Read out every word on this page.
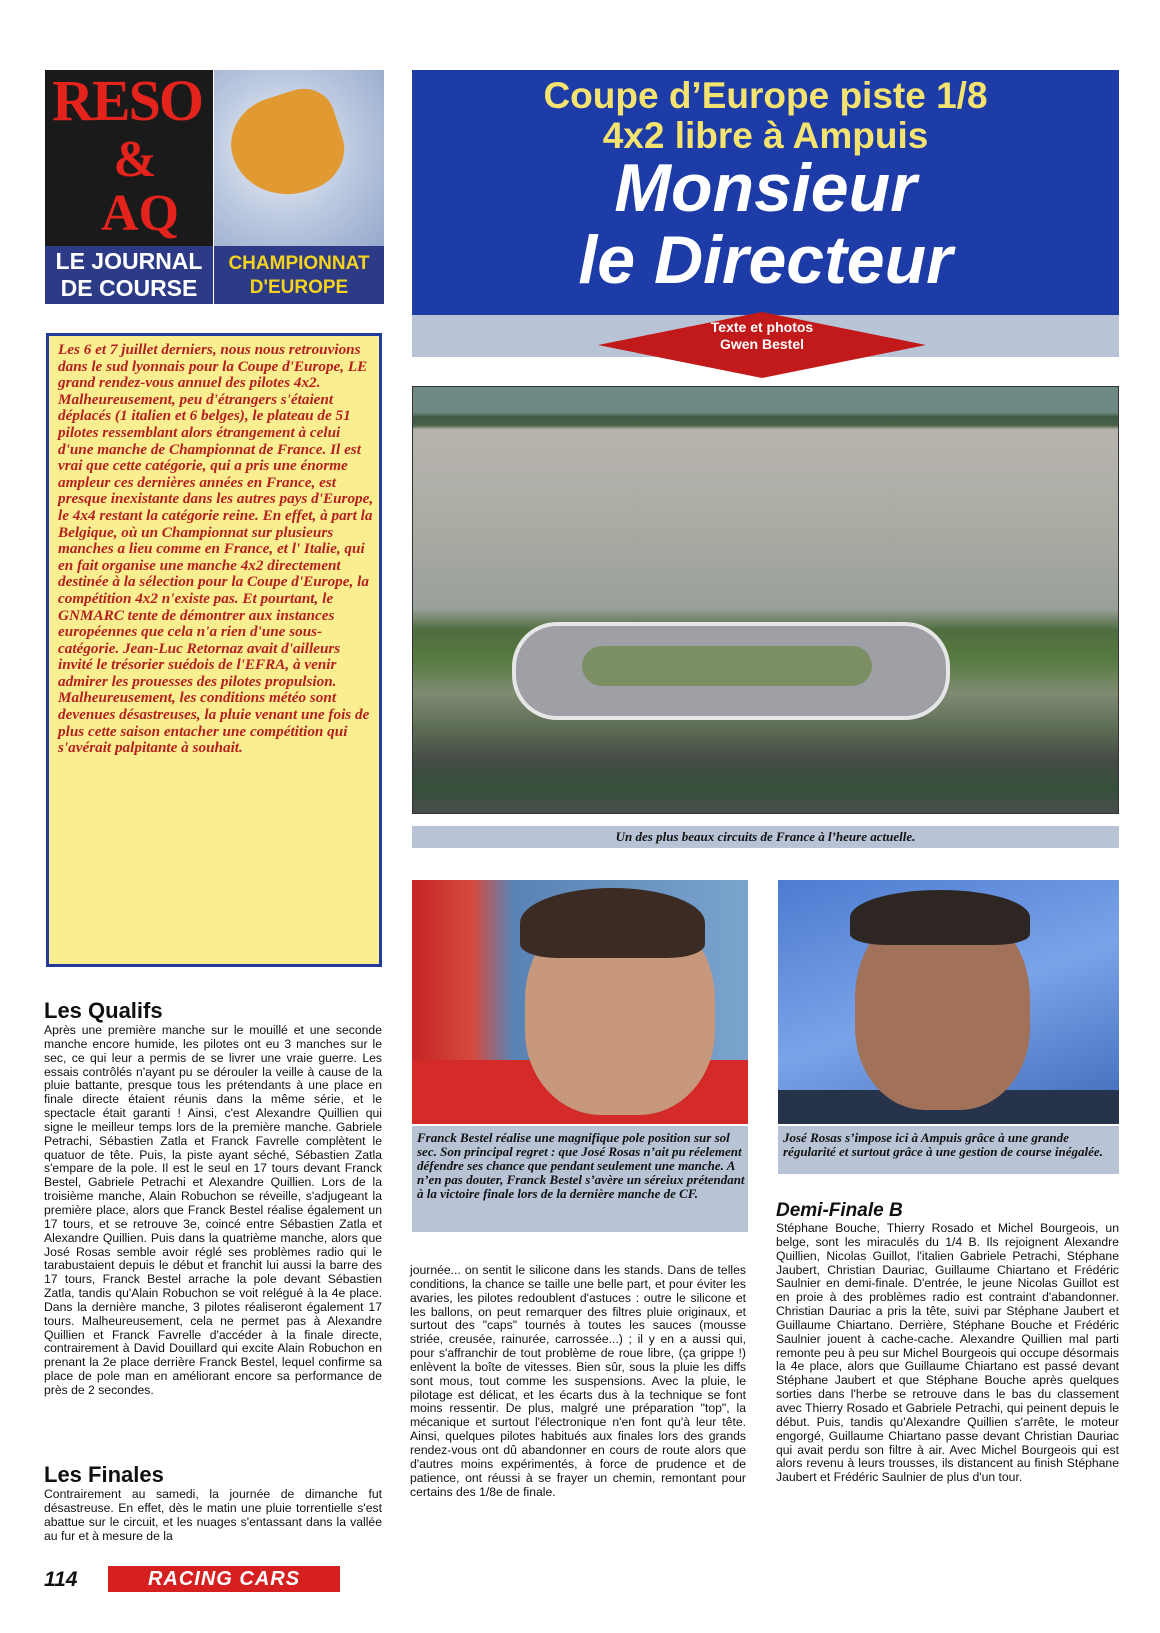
RESO
&
AQ
LE JOURNAL
DE COURSE
CHAMPIONNAT
D'EUROPE
Coupe d’Europe piste 1/8
4x2 libre à Ampuis
Monsieur
le Directeur
Texte et photos
Gwen Bestel
Les 6 et 7 juillet derniers, nous nous retrouvions dans le sud lyonnais pour la Coupe d'Europe, LE grand rendez-vous annuel des pilotes 4x2. Malheureusement, peu d'étrangers s'étaient déplacés (1 italien et 6 belges), le plateau de 51 pilotes ressemblant alors étrangement à celui d'une manche de Championnat de France. Il est vrai que cette catégorie, qui a pris une énorme ampleur ces dernières années en France, est presque inexistante dans les autres pays d'Europe, le 4x4 restant la catégorie reine. En effet, à part la Belgique, où un Championnat sur plusieurs manches a lieu comme en France, et l' Italie, qui en fait organise une manche 4x2 directement destinée à la sélection pour la Coupe d'Europe, la compétition 4x2 n'existe pas. Et pourtant, le GNMARC tente de démontrer aux instances européennes que cela n'a rien d'une sous-catégorie. Jean-Luc Retornaz avait d'ailleurs invité le trésorier suédois de l'EFRA, à venir admirer les prouesses des pilotes propulsion. Malheureusement, les conditions météo sont devenues désastreuses, la pluie venant une fois de plus cette saison entacher une compétition qui s'avérait palpitante à souhait.
Un des plus beaux circuits de France à l’heure actuelle.
Franck Bestel réalise une magnifique pole position sur sol sec. Son principal regret : que José Rosas n’ait pu réelement défendre ses chance que pendant seulement une manche. A n’en pas douter, Franck Bestel s’avère un séreiux prétendant à la victoire finale lors de la dernière manche de CF.
José Rosas s’impose ici à Ampuis grâce à une grande régularité et surtout grâce à une gestion de course inégalée.
Les Qualifs
Après une première manche sur le mouillé et une seconde manche encore humide, les pilotes ont eu 3 manches sur le sec, ce qui leur a permis de se livrer une vraie guerre. Les essais contrôlés n'ayant pu se dérouler la veille à cause de la pluie battante, presque tous les prétendants à une place en finale directe étaient réunis dans la même série, et le spectacle était garanti ! Ainsi, c'est Alexandre Quillien qui signe le meilleur temps lors de la première manche. Gabriele Petrachi, Sébastien Zatla et Franck Favrelle complètent le quatuor de tête. Puis, la piste ayant séché, Sébastien Zatla s'empare de la pole. Il est le seul en 17 tours devant Franck Bestel, Gabriele Petrachi et Alexandre Quillien. Lors de la troisième manche, Alain Robuchon se réveille, s'adjugeant la première place, alors que Franck Bestel réalise également un 17 tours, et se retrouve 3e, coincé entre Sébastien Zatla et Alexandre Quillien. Puis dans la quatrième manche, alors que José Rosas semble avoir réglé ses problèmes radio qui le tarabustaient depuis le début et franchit lui aussi la barre des 17 tours, Franck Bestel arrache la pole devant Sébastien Zatla, tandis qu'Alain Robuchon se voit relégué à la 4e place. Dans la dernière manche, 3 pilotes réaliseront également 17 tours. Malheureusement, cela ne permet pas à Alexandre Quillien et Franck Favrelle d'accéder à la finale directe, contrairement à David Douillard qui excite Alain Robuchon en prenant la 2e place derrière Franck Bestel, lequel confirme sa place de pole man en améliorant encore sa performance de près de 2 secondes.
Les Finales
Contrairement au samedi, la journée de dimanche fut désastreuse. En effet, dès le matin une pluie torrentielle s'est abattue sur le circuit, et les nuages s'entassant dans la vallée au fur et à mesure de la
journée... on sentit le silicone dans les stands. Dans de telles conditions, la chance se taille une belle part, et pour éviter les avaries, les pilotes redoublent d'astuces : outre le silicone et les ballons, on peut remarquer des filtres pluie originaux, et surtout des "caps" tournés à toutes les sauces (mousse striée, creusée, rainurée, carrossée...) ; il y en a aussi qui, pour s'affranchir de tout problème de roue libre, (ça grippe !) enlèvent la boîte de vitesses. Bien sûr, sous la pluie les diffs sont mous, tout comme les suspensions. Avec la pluie, le pilotage est délicat, et les écarts dus à la technique se font moins ressentir. De plus, malgré une préparation "top", la mécanique et surtout l'électronique n'en font qu'à leur tête. Ainsi, quelques pilotes habitués aux finales lors des grands rendez-vous ont dû abandonner en cours de route alors que d'autres moins expérimentés, à force de prudence et de patience, ont réussi à se frayer un chemin, remontant pour certains des 1/8e de finale.
Demi-Finale B
Stéphane Bouche, Thierry Rosado et Michel Bourgeois, un belge, sont les miraculés du 1/4 B. Ils rejoignent Alexandre Quillien, Nicolas Guillot, l'italien Gabriele Petrachi, Stéphane Jaubert, Christian Dauriac, Guillaume Chiartano et Frédéric Saulnier en demi-finale. D'entrée, le jeune Nicolas Guillot est en proie à des problèmes radio est contraint d'abandonner. Christian Dauriac a pris la tête, suivi par Stéphane Jaubert et Guillaume Chiartano. Derrière, Stéphane Bouche et Frédéric Saulnier jouent à cache-cache. Alexandre Quillien mal parti remonte peu à peu sur Michel Bourgeois qui occupe désormais la 4e place, alors que Guillaume Chiartano est passé devant Stéphane Jaubert et que Stéphane Bouche après quelques sorties dans l'herbe se retrouve dans le bas du classement avec Thierry Rosado et Gabriele Petrachi, qui peinent depuis le début. Puis, tandis qu'Alexandre Quillien s'arrête, le moteur engorgé, Guillaume Chiartano passe devant Christian Dauriac qui avait perdu son filtre à air. Avec Michel Bourgeois qui est alors revenu à leurs trousses, ils distancent au finish Stéphane Jaubert et Frédéric Saulnier de plus d'un tour.
114	RACING CARS
